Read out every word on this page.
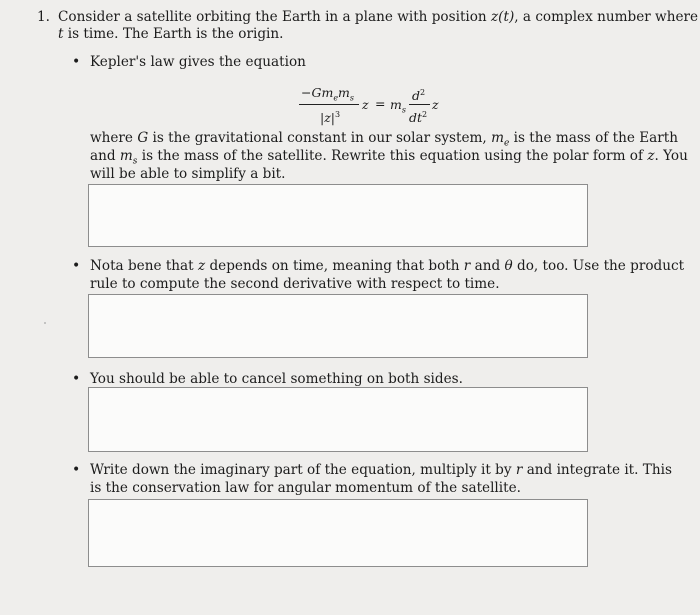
1. Consider a satellite orbiting the Earth in a plane with position z(t), a complex number where
t is time. The Earth is the origin.
• Kepler's law gives the equation
$-Gm_em_s$
$|z|^3$
$z = m_s$
$d^2$
$dt^2$
z
where G is the gravitational constant in our solar system, $m_e$ is the mass of the Earth
and $m_s$ is the mass of the satellite. Rewrite this equation using the polar form of z. You
will be able to simplify a bit.
• Nota bene that z depends on time, meaning that both r and θ do, too. Use the product
rule to compute the second derivative with respect to time.
• You should be able to cancel something on both sides.
• Write down the imaginary part of the equation, multiply it by r and integrate it. This
is the conservation law for angular momentum of the satellite.
